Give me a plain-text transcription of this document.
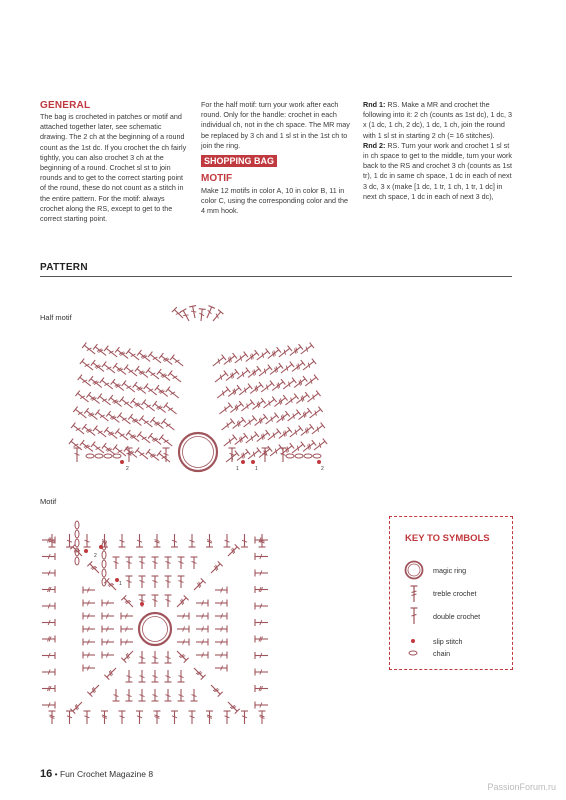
GENERAL

The bag is crocheted in patches or motif and attached together later, see schematic drawing. The 2 ch at the beginning of a round count as the 1st dc. If you crochet the ch fairly tightly, you can also crochet 3 ch at the beginning of a round. Crochet sl st to join rounds and to get to the correct starting point of the round, these do not count as a stitch in the entire pattern. For the motif: always crochet along the RS, except to get to the correct starting point.

For the half motif: turn your work after each round. Only for the handle: crochet in each individual ch, not in the ch space. The MR may be replaced by 3 ch and 1 sl st in the 1st ch to join the ring.

SHOPPING BAG
MOTIF

Make 12 motifs in color A, 10 in color B, 11 in color C, using the corresponding color and the 4 mm hook.

Rnd 1: RS. Make a MR and crochet the following into it: 2 ch (counts as 1st dc), 1 dc, 3 x (1 dc, 1 ch, 2 dc), 1 dc, 1 ch, join the round with 1 sl st in starting 2 ch (= 16 stitches).

Rnd 2: RS. Turn your work and crochet 1 sl st in ch space to get to the middle, turn your work back to the RS and crochet 3 ch (counts as 1st tr), 1 dc in same ch space, 1 dc in each of next 3 dc, 3 x (make [1 dc, 1 tr, 1 ch, 1 tr, 1 dc] in next ch space, 1 dc in each of next 3 dc),

PATTERN
Half motif
2	1
1	2
Motif
2
1
KEY TO SYMBOLS
magic ring
treble crochet
double crochet
slip stitch
chain
16 • Fun Crochet Magazine 8
PassionForum.ru
